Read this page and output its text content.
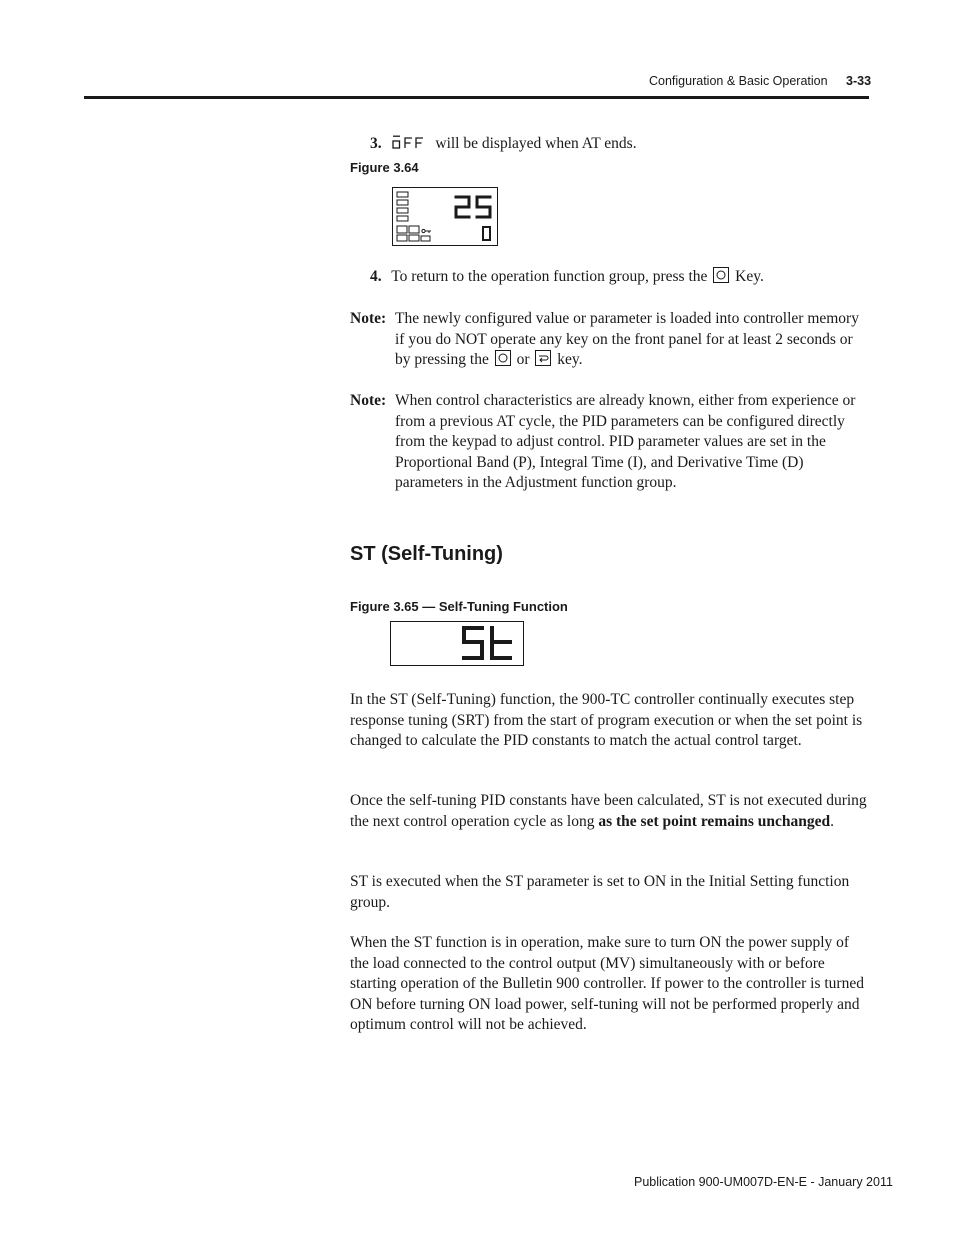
Configuration & Basic Operation 3-33
3.	will be displayed when AT ends.
Figure 3.64
4. To return to the operation function group, press the Key.
Note: The newly configured value or parameter is loaded into controller memory if you do NOT operate any key on the front panel for at least 2 seconds or by pressing the or key.
Note: When control characteristics are already known, either from experience or from a previous AT cycle, the PID parameters can be configured directly from the keypad to adjust control. PID parameter values are set in the Proportional Band (P), Integral Time (I), and Derivative Time (D) parameters in the Adjustment function group.
ST (Self-Tuning)
Figure 3.65 — Self-Tuning Function
In the ST (Self-Tuning) function, the 900-TC controller continually executes step response tuning (SRT) from the start of program execution or when the set point is changed to calculate the PID constants to match the actual control target.
Once the self-tuning PID constants have been calculated, ST is not executed during the next control operation cycle as long as the set point remains unchanged.
ST is executed when the ST parameter is set to ON in the Initial Setting function group.
When the ST function is in operation, make sure to turn ON the power supply of the load connected to the control output (MV) simultaneously with or before starting operation of the Bulletin 900 controller. If power to the controller is turned ON before turning ON load power, self-tuning will not be performed properly and optimum control will not be achieved.
Publication 900-UM007D-EN-E - January 2011
